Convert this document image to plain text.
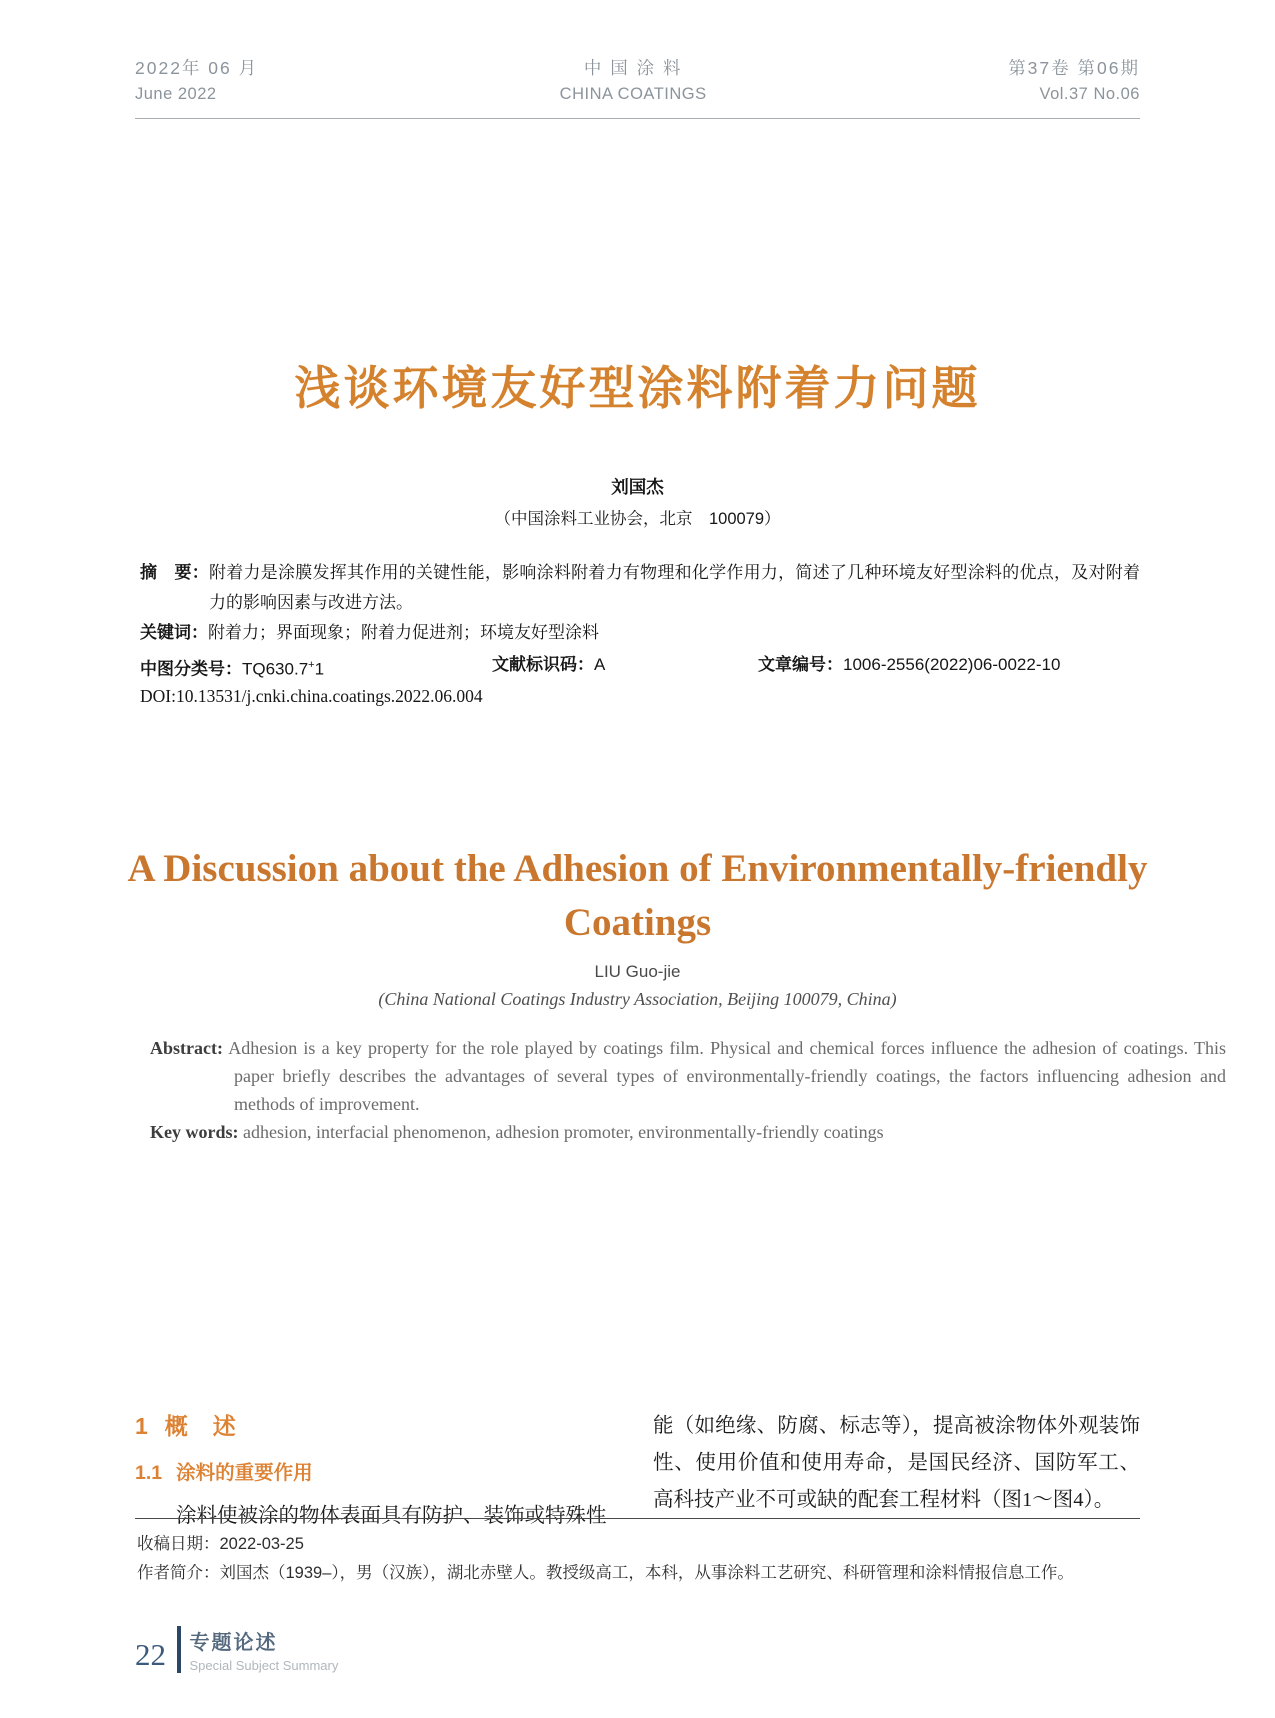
2022年 06 月
June 2022
中 国 涂 料
CHINA COATINGS
第37卷 第06期
Vol.37 No.06
浅谈环境友好型涂料附着力问题
刘国杰
（中国涂料工业协会，北京　100079）
摘　要：附着力是涂膜发挥其作用的关键性能，影响涂料附着力有物理和化学作用力，简述了几种环境友好型涂料的优点，及对附着力的影响因素与改进方法。
关键词：附着力；界面现象；附着力促进剂；环境友好型涂料
中图分类号：TQ630.7+1	文献标识码：A	文章编号：1006-2556(2022)06-0022-10
DOI:10.13531/j.cnki.china.coatings.2022.06.004
A Discussion about the Adhesion of Environmentally-friendly
Coatings
LIU Guo-jie
(China National Coatings Industry Association, Beijing 100079, China)
Abstract: Adhesion is a key property for the role played by coatings film. Physical and chemical forces influence the adhesion of coatings. This paper briefly describes the advantages of several types of environmentally-friendly coatings, the factors influencing adhesion and methods of improvement.
Key words: adhesion, interfacial phenomenon, adhesion promoter, environmentally-friendly coatings
1 概　述
1.1 涂料的重要作用

涂料使被涂的物体表面具有防护、装饰或特殊性

能（如绝缘、防腐、标志等），提高被涂物体外观装饰性、使用价值和使用寿命，是国民经济、国防军工、高科技产业不可或缺的配套工程材料（图1～图4）。

收稿日期：2022-03-25
作者简介：刘国杰（1939–），男（汉族），湖北赤壁人。教授级高工，本科，从事涂料工艺研究、科研管理和涂料情报信息工作。
22	专题论述
Special Subject Summary
